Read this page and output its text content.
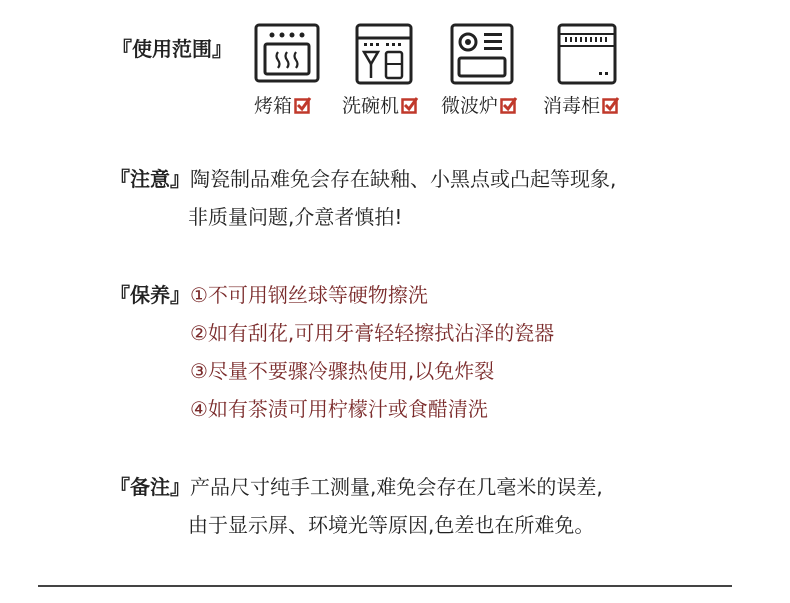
『使用范围』
烤箱	洗碗机	微波炉	消毒柜
『注意』陶瓷制品难免会存在缺釉、小黑点或凸起等现象,
非质量问题,介意者慎拍!
『保养』①不可用钢丝球等硬物擦洗
②如有刮花,可用牙膏轻轻擦拭沾泽的瓷器
③尽量不要骤冷骤热使用,以免炸裂
④如有茶渍可用柠檬汁或食醋清洗
『备注』产品尺寸纯手工测量,难免会存在几毫米的误差,
由于显示屏、环境光等原因,色差也在所难免。
